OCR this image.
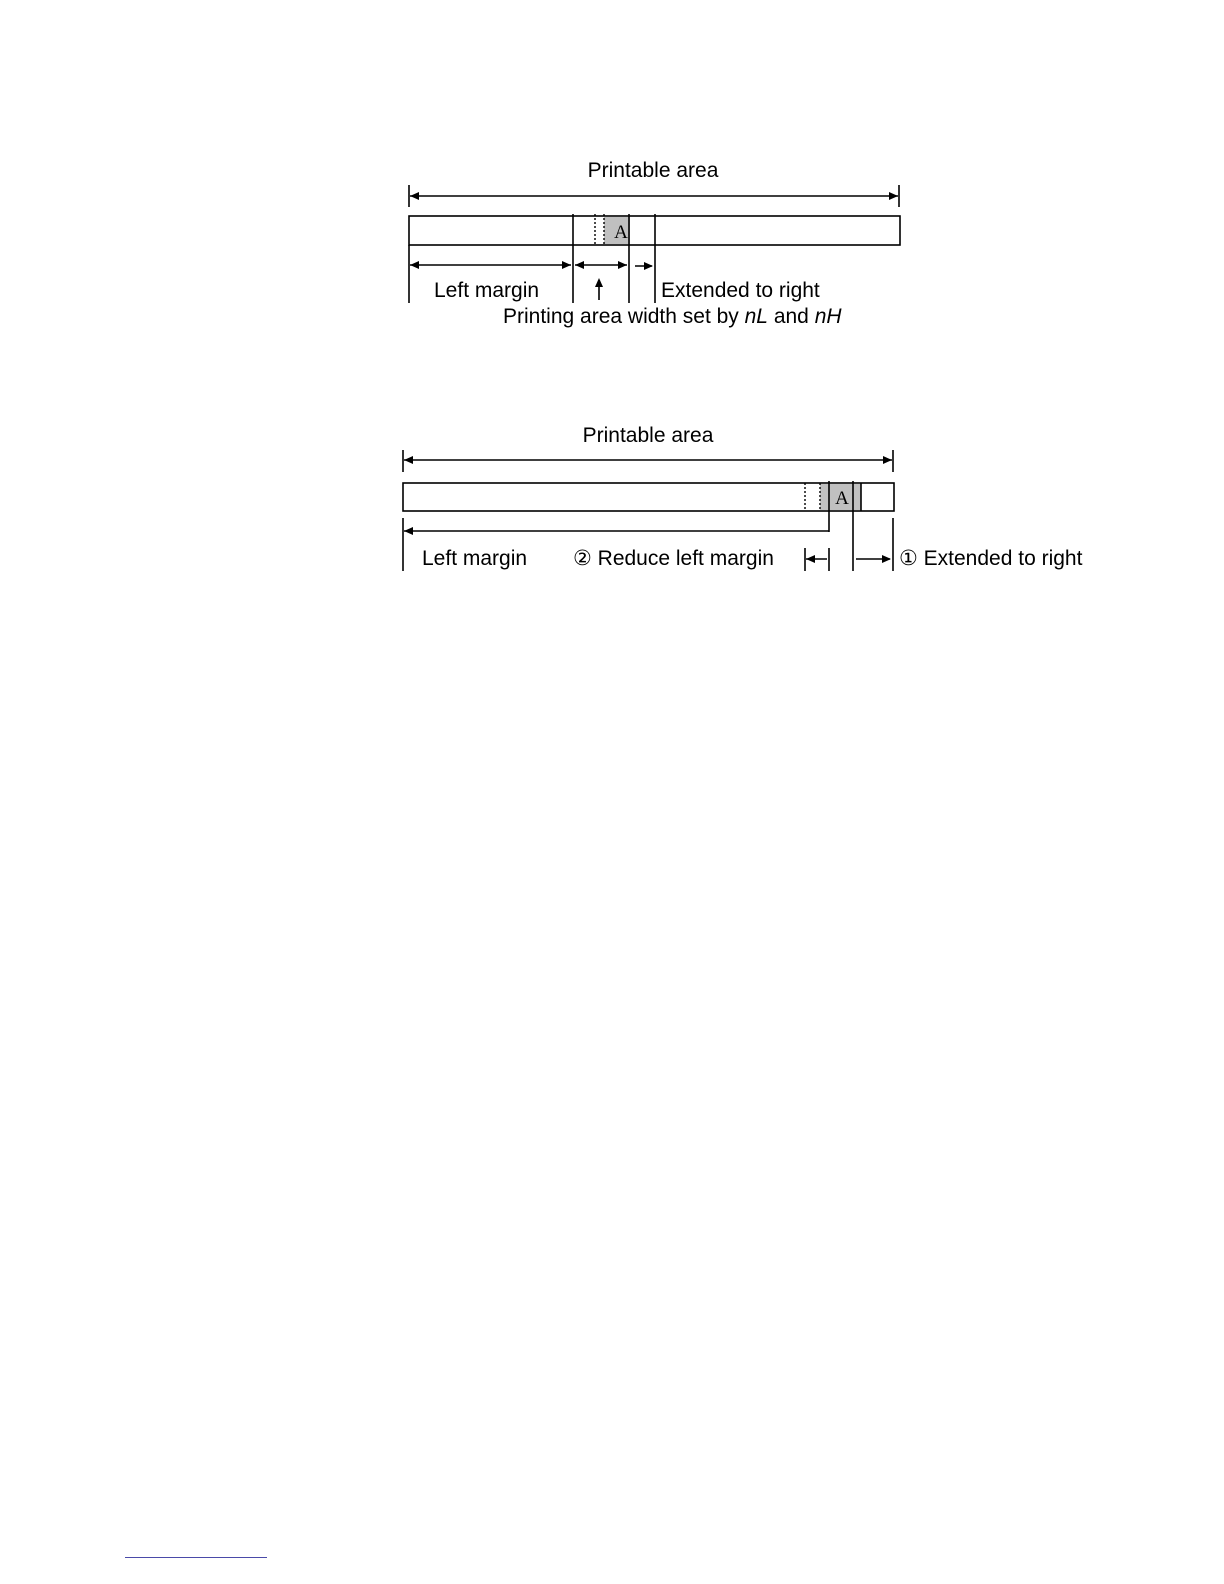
Printable area
A
Left margin	Extended to right
Printing area width set by nL and nH
Printable area
A
Left margin ② Reduce left margin	① Extended to right
